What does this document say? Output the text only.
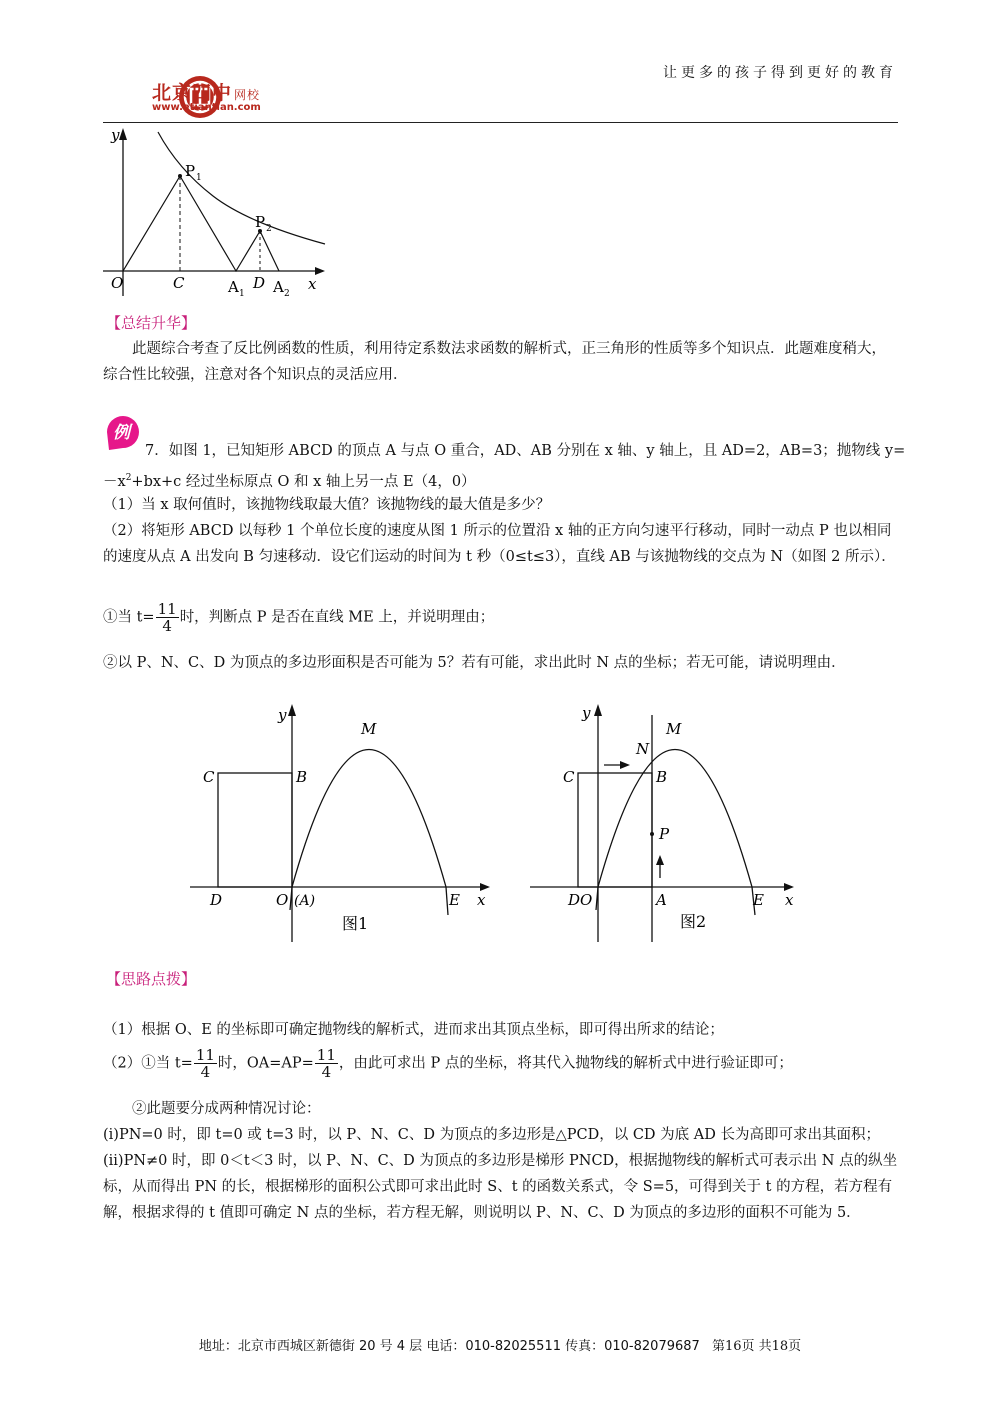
让更多的孩子得到更好的教育
北京四中 网校
www.etiantian.com
y
O	C	D	x
P 1
P 2
A 1 A 2
【总结升华】
此题综合考查了反比例函数的性质，利用待定系数法求函数的解析式，正三角形的性质等多个知识点．此题难度稍大，综合性比较强，注意对各个知识点的灵活应用．
例
7．如图 1，已知矩形 ABCD 的顶点 A 与点 O 重合，AD、AB 分别在 x 轴、y 轴上，且 AD=2，AB=3；抛物线 y=
$-x^2+bx+c$ 经过坐标原点 O 和 x 轴上另一点 E（4，0）
（1）当 x 取何值时，该抛物线取最大值？该抛物线的最大值是多少？
（2）将矩形 ABCD 以每秒 1 个单位长度的速度从图 1 所示的位置沿 x 轴的正方向匀速平行移动，同时一动点 P 也以相同的速度从点 A 出发向 B 匀速移动．设它们运动的时间为 t 秒（0≤t≤3），直线 AB 与该抛物线的交点为 N（如图 2 所示）．
①当 $t= \frac{11}{4}$ 时，判断点 P 是否在直线 ME 上，并说明理由；
②以 P、N、C、D 为顶点的多边形面积是否可能为 5？若有可能，求出此时 N 点的坐标；若无可能，请说明理由．
y
M
C	B
D	O (A)	E x
图1
y
M
N
C	B
P
DO	A	E x
图2
【思路点拨】
（1）根据 O、E 的坐标即可确定抛物线的解析式，进而求出其顶点坐标，即可得出所求的结论；
（2）①当 $t= \frac{11}{4}$ 时，$OA=AP= \frac{11}{4}$ ，由此可求出 P 点的坐标，将其代入抛物线的解析式中进行验证即可；
②此题要分成两种情况讨论：
(i)PN=0 时，即 t=0 或 t=3 时，以 P、N、C、D 为顶点的多边形是△PCD，以 CD 为底 AD 长为高即可求出其面积；
(ii)PN≠0 时，即 0＜t＜3 时，以 P、N、C、D 为顶点的多边形是梯形 PNCD，根据抛物线的解析式可表示出 N 点的纵坐标，从而得出 PN 的长，根据梯形的面积公式即可求出此时 S、t 的函数关系式，令 S=5，可得到关于 t 的方程，若方程有解，根据求得的 t 值即可确定 N 点的坐标，若方程无解，则说明以 P、N、C、D 为顶点的多边形的面积不可能为 5．
地址：北京市西城区新德街 20 号 4 层 电话：010-82025511 传真：010-82079687 第16页 共18页
